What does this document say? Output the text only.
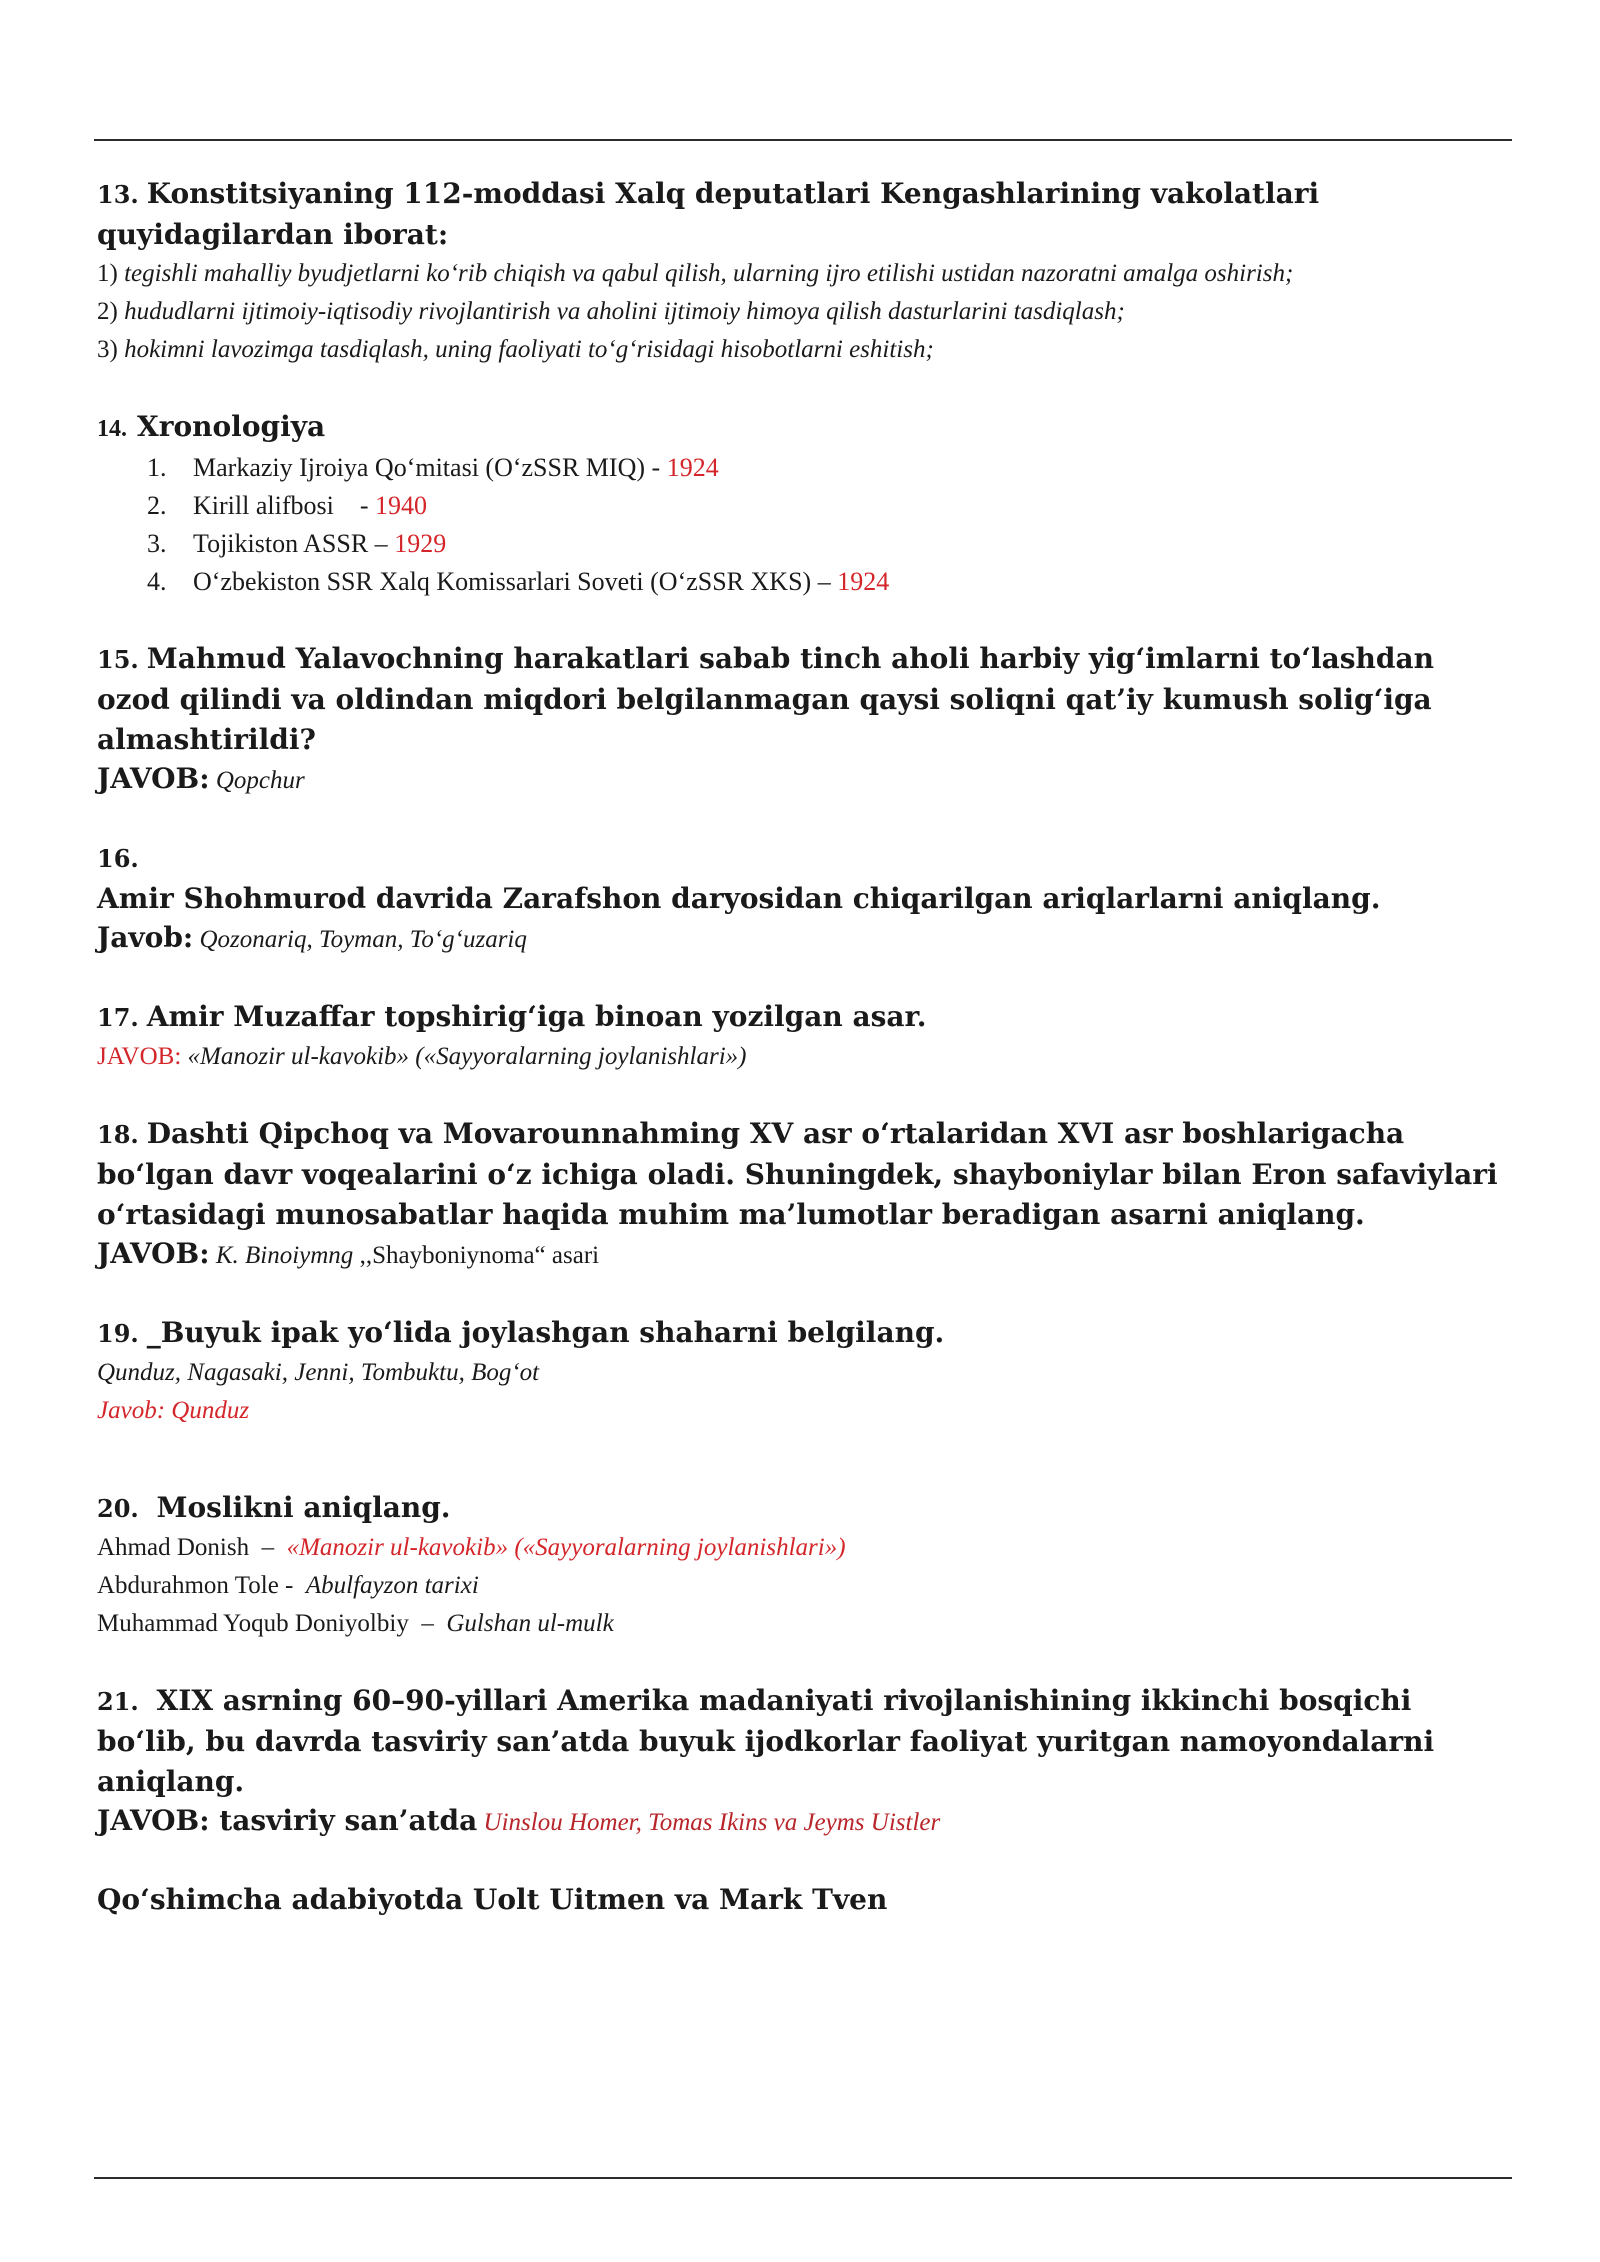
13. Konstitsiyaning 112-moddasi Xalq deputatlari Kengashlarining vakolatlari quyidagilardan iborat:

1) tegishli mahalliy byudjetlarni ko‘rib chiqish va qabul qilish, ularning ijro etilishi ustidan nazoratni amalga oshirish;
2) hududlarni ijtimoiy-iqtisodiy rivojlantirish va aholini ijtimoiy himoya qilish dasturlarini tasdiqlash;
3) hokimni lavozimga tasdiqlash, uning faoliyati to‘g‘risidagi hisobotlarni eshitish;

14. Xronologiya

1. Markaziy Ijroiya Qo‘mitasi (O‘zSSR MIQ) - 1924
2. Kirill alifbosi    - 1940
3. Tojikiston ASSR – 1929
4. O‘zbekiston SSR Xalq Komissarlari Soveti (O‘zSSR XKS) – 1924

15. Mahmud Yalavochning harakatlari sabab tinch aholi harbiy yig‘imlarni to‘lashdan ozod qilindi va oldindan miqdori belgilanmagan qaysi soliqni qat’iy kumush solig‘iga almashtirildi?

JAVOB: Qopchur

16.

Amir Shohmurod davrida Zarafshon daryosidan chiqarilgan ariqlarlarni aniqlang.

Javob: Qozonariq, Toyman, To‘g‘uzariq

17. Amir Muzaffar topshirig‘iga binoan yozilgan asar.

JAVOB: «Manozir ul-kavokib» («Sayyoralarning joylanishlari»)

18. Dashti Qipchoq va Movarounnahming XV asr o‘rtalaridan XVI asr boshlarigacha bo‘lgan davr voqealarini o‘z ichiga oladi. Shuningdek, shayboniylar bilan Eron safaviylari o‘rtasidagi munosabatlar haqida muhim ma’lumotlar beradigan asarni aniqlang.

JAVOB: K. Binoiymng ,,Shayboniynoma“ asari

19. _Buyuk ipak yo‘lida joylashgan shaharni belgilang.

Qunduz, Nagasaki, Jenni, Tombuktu, Bog‘ot
Javob: Qunduz

20. Moslikni aniqlang.

Ahmad Donish  –  «Manozir ul-kavokib» («Sayyoralarning joylanishlari»)
Abdurahmon Tole -  Abulfayzon tarixi
Muhammad Yoqub Doniyolbiy  –  Gulshan ul-mulk

21. XIX asrning 60–90-yillari Amerika madaniyati rivojlanishining ikkinchi bosqichi bo‘lib, bu davrda tasviriy san’atda buyuk ijodkorlar faoliyat yuritgan namoyondalarni aniqlang.

JAVOB: tasviriy san’atda Uinslou Homer, Tomas Ikins va Jeyms Uistler

Qo‘shimcha adabiyotda Uolt Uitmen va Mark Tven
